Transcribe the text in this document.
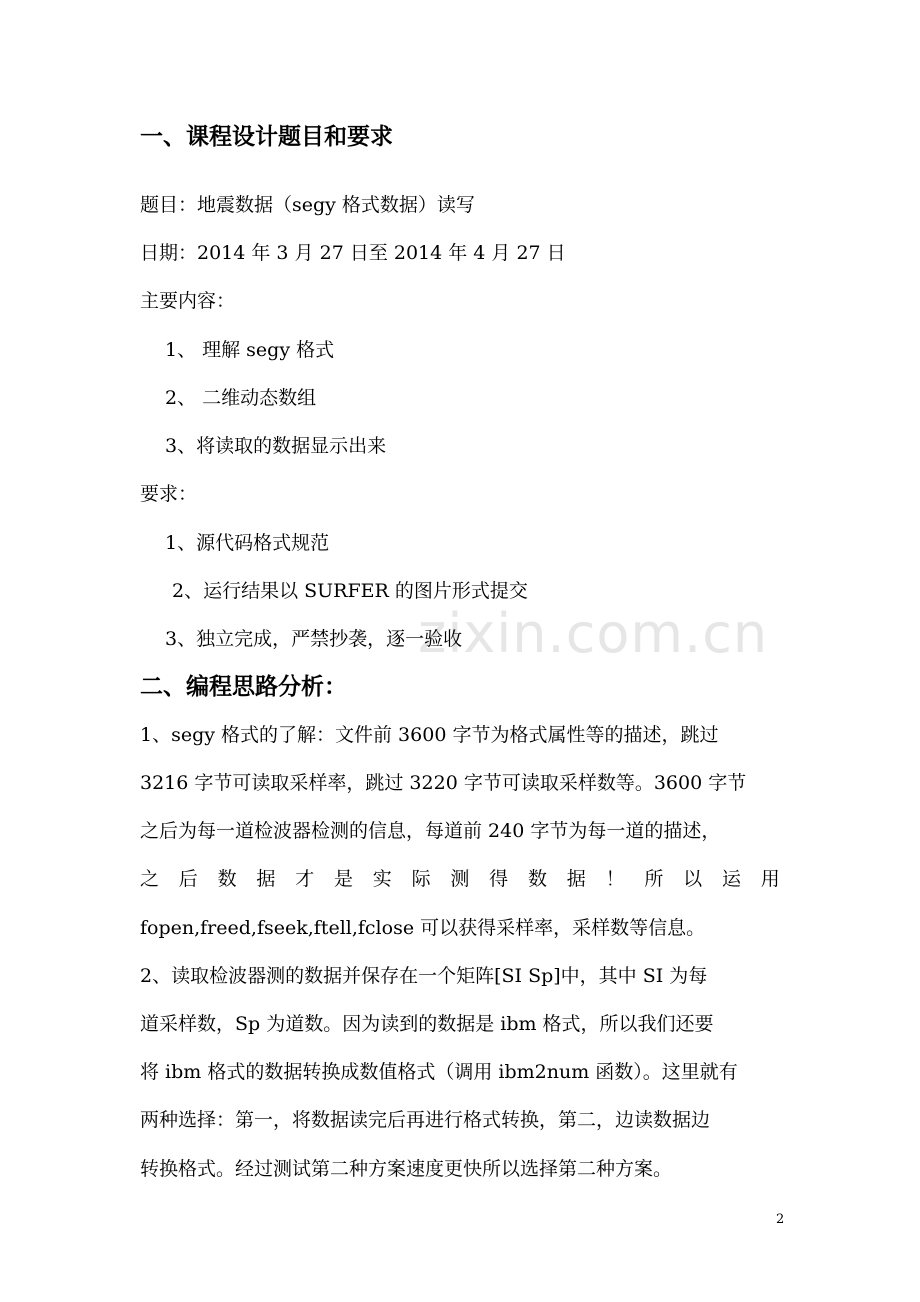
zixin.com.cn
一、课程设计题目和要求
题目：地震数据（segy 格式数据）读写
日期：2014 年 3 月 27 日至 2014 年 4 月 27 日
主要内容：
1、 理解 segy 格式
2、 二维动态数组
3、将读取的数据显示出来
要求：
1、源代码格式规范
2、运行结果以 SURFER 的图片形式提交
3、独立完成，严禁抄袭，逐一验收
二、编程思路分析：
1、segy 格式的了解：文件前 3600 字节为格式属性等的描述，跳过
3216 字节可读取采样率，跳过 3220 字节可读取采样数等。3600 字节
之后为每一道检波器检测的信息，每道前 240 字节为每一道的描述，
之 后 数 据 才 是 实 际 测 得 数 据 ！ 所 以 运 用
fopen,freed,fseek,ftell,fclose 可以获得采样率，采样数等信息。
2、读取检波器测的数据并保存在一个矩阵[SI Sp]中，其中 SI 为每
道采样数，Sp 为道数。因为读到的数据是 ibm 格式，所以我们还要
将 ibm 格式的数据转换成数值格式（调用 ibm2num 函数）。这里就有
两种选择：第一，将数据读完后再进行格式转换，第二，边读数据边
转换格式。经过测试第二种方案速度更快所以选择第二种方案。
2
